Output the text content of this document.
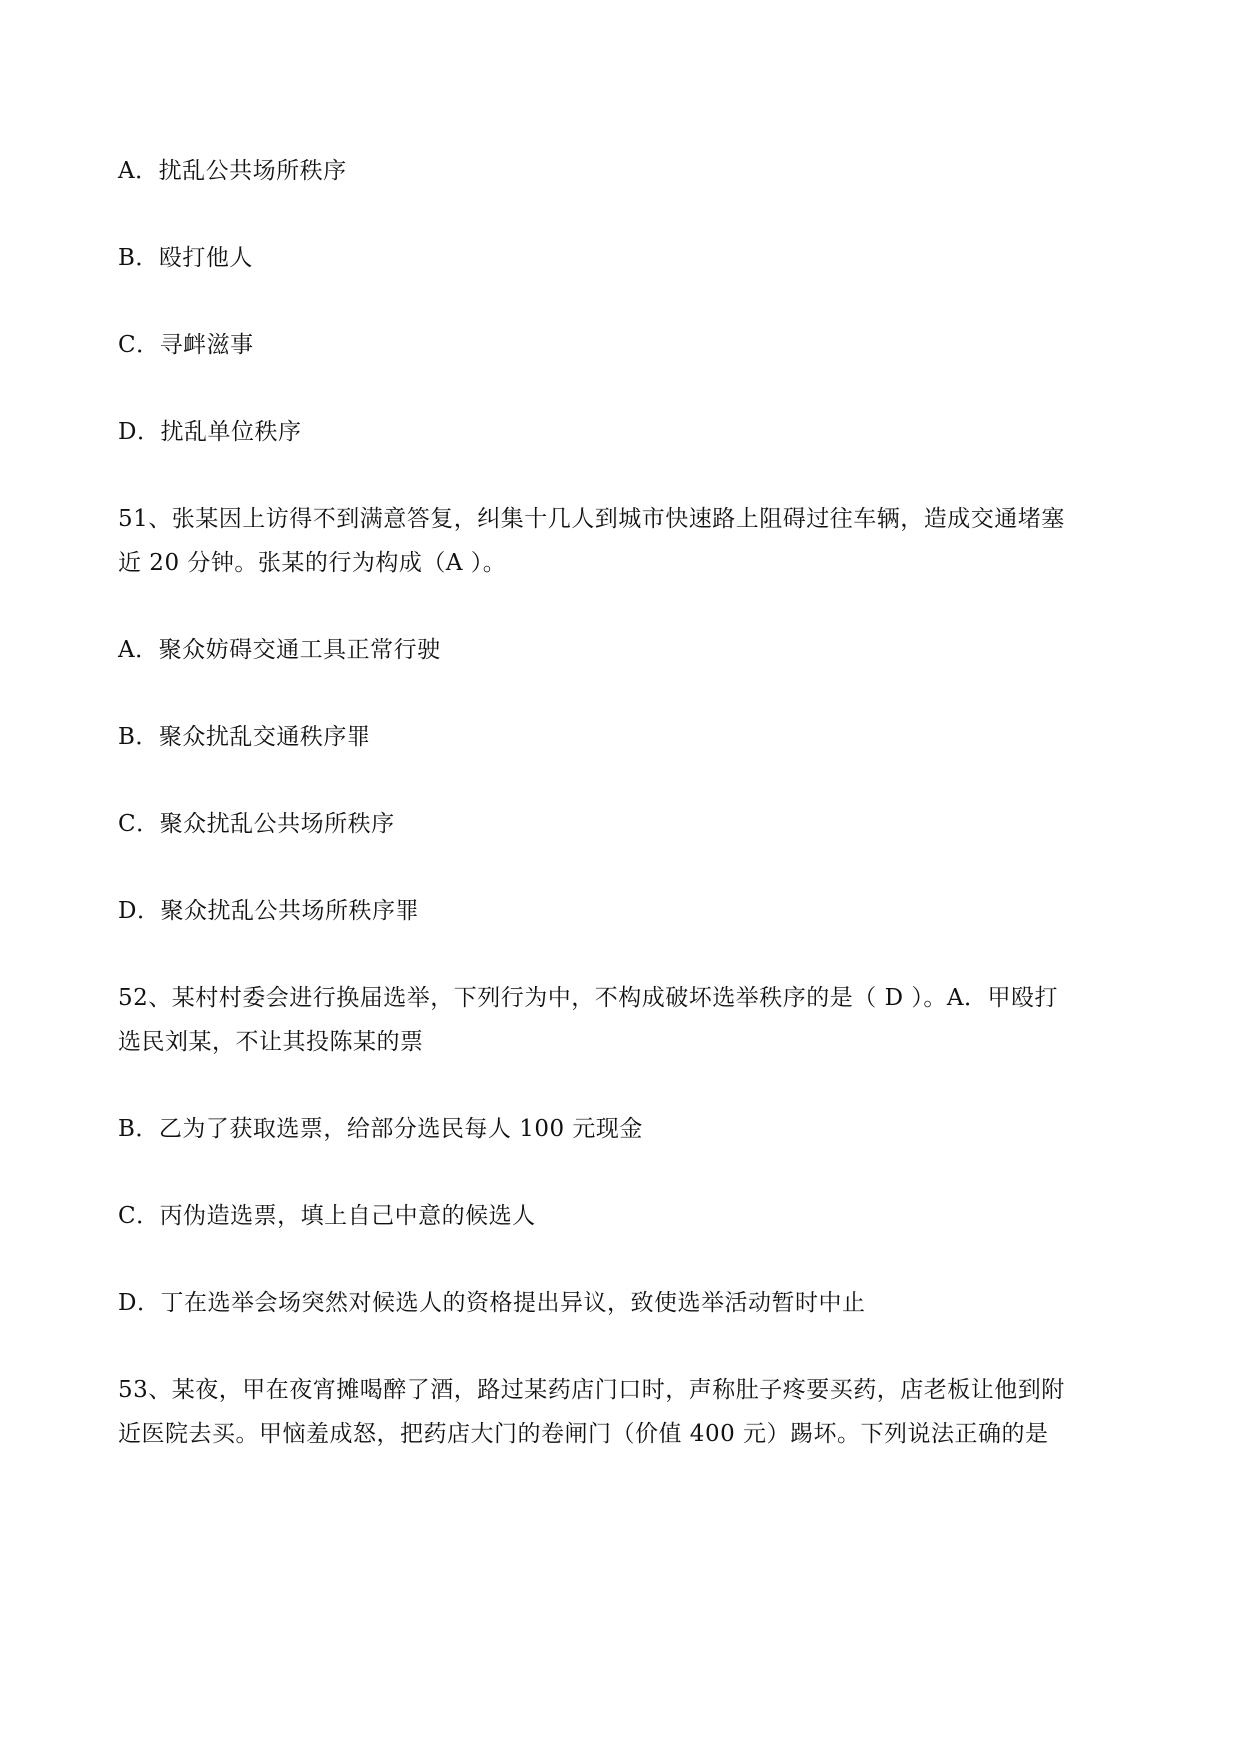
A．扰乱公共场所秩序
B．殴打他人
C．寻衅滋事
D．扰乱单位秩序
51、张某因上访得不到满意答复，纠集十几人到城市快速路上阻碍过往车辆，造成交通堵塞
近 20 分钟。张某的行为构成（A ）。
A．聚众妨碍交通工具正常行驶
B．聚众扰乱交通秩序罪
C．聚众扰乱公共场所秩序
D．聚众扰乱公共场所秩序罪
52、某村村委会进行换届选举，下列行为中，不构成破坏选举秩序的是（ D ）。A．甲殴打
选民刘某，不让其投陈某的票
B．乙为了获取选票，给部分选民每人 100 元现金
C．丙伪造选票，填上自己中意的候选人
D．丁在选举会场突然对候选人的资格提出异议，致使选举活动暂时中止
53、某夜，甲在夜宵摊喝醉了酒，路过某药店门口时，声称肚子疼要买药，店老板让他到附
近医院去买。甲恼羞成怒，把药店大门的卷闸门（价值 400 元）踢坏。下列说法正确的是
